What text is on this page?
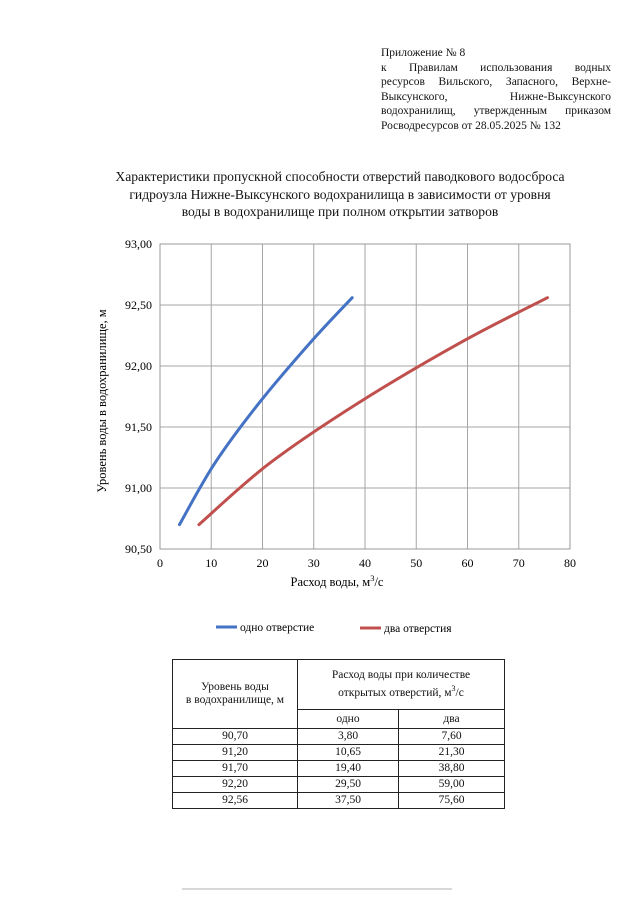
Приложение № 8
к Правилам использования водных
ресурсов Вильского, Запасного, Верхне-
Выксунского, Нижне-Выксунского
водохранилищ, утвержденным приказом
Росводресурсов от 28.05.2025 № 132
Характеристики пропускной способности отверстий паводкового водосброса
гидроузла Нижне-Выксунского водохранилища в зависимости от уровня
воды в водохранилище при полном открытии затворов
90,50
91,00
91,50
92,00
92,50
93,00
0	10	20	30	40	50	60	70	80
Расход воды, $м^3/с$
Уровень воды в водохранилище, м
одно отверстие	два отверстия
Уровень воды
в водохранилище, м	Расход воды при количестве
открытых отверстий, $м^3/с$	

	одно	два
90,70	3,80	7,60
91,20	10,65	21,30
91,70	19,40	38,80
92,20	29,50	59,00
92,56	37,50	75,60
